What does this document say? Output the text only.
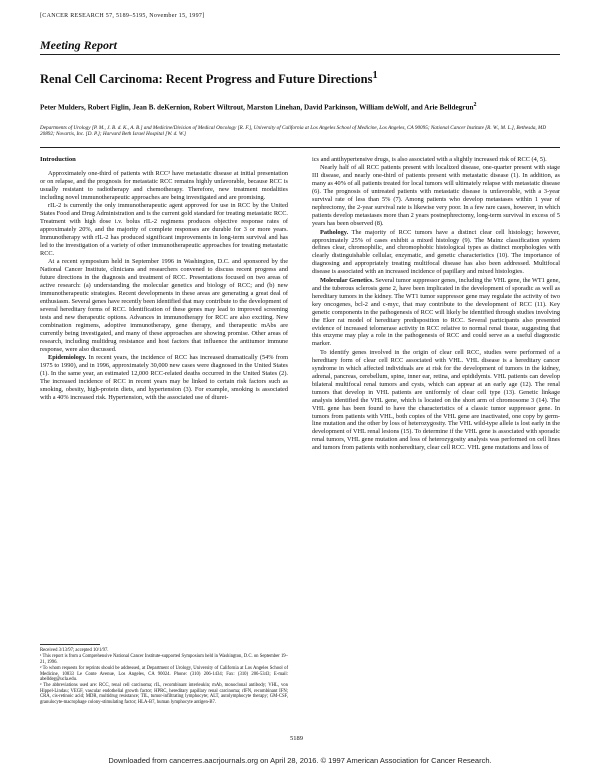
[CANCER RESEARCH 57, 5189–5195, November 15, 1997]
Meeting Report
Renal Cell Carcinoma: Recent Progress and Future Directions$^1$
Peter Mulders, Robert Figlin, Jean B. deKernion, Robert Wiltrout, Marston Linehan, David Parkinson, William deWolf, and Arie Belldegrun$^2$
Departments of Urology [P. M., J. B. d. K., A. B.] and Medicine/Division of Medical Oncology [R. F.], University of California at Los Angeles School of Medicine, Los Angeles, CA 90095; National Cancer Institute [R. W., M. L.], Bethesda, MD 20892; Novartis, Inc. [D. P.]; Harvard Beth Israel Hospital [W. d. W.]
Introduction

Approximately one-third of patients with RCC³ have metastatic disease at initial presentation or on relapse, and the prognosis for metastatic RCC remains highly unfavorable, because RCC is usually resistant to radiotherapy and chemotherapy. Therefore, new treatment modalities including novel immunotherapeutic approaches are being investigated and are promising.

rIL-2 is currently the only immunotherapeutic agent approved for use in RCC by the United States Food and Drug Administration and is the current gold standard for treating metastatic RCC. Treatment with high dose i.v. bolus rIL-2 regimens produces objective response rates of approximately 20%, and the majority of complete responses are durable for 3 or more years. Immunotherapy with rIL-2 has produced significant improvements in long-term survival and has led to the investigation of a variety of other immunotherapeutic approaches for treating metastatic RCC.

At a recent symposium held in September 1996 in Washington, D.C. and sponsored by the National Cancer Institute, clinicians and researchers convened to discuss recent progress and future directions in the diagnosis and treatment of RCC. Presentations focused on two areas of active research: (a) understanding the molecular genetics and biology of RCC; and (b) new immunotherapeutic strategies. Recent developments in these areas are generating a great deal of enthusiasm. Several genes have recently been identified that may contribute to the development of several hereditary forms of RCC. Identification of these genes may lead to improved screening tests and new therapeutic options. Advances in immunotherapy for RCC are also exciting. New combination regimens, adoptive immunotherapy, gene therapy, and therapeutic mAbs are currently being investigated, and many of these approaches are showing promise. Other areas of research, including multidrug resistance and host factors that influence the antitumor immune response, were also discussed.

Epidemiology. In recent years, the incidence of RCC has increased dramatically (54% from 1975 to 1990), and in 1996, approximately 30,000 new cases were diagnosed in the United States (1). In the same year, an estimated 12,000 RCC-related deaths occurred in the United States (2). The increased incidence of RCC in recent years may be linked to certain risk factors such as smoking, obesity, high-protein diets, and hypertension (3). For example, smoking is associated with a 40% increased risk. Hypertension, with the associated use of diuret-

ics and antihypertensive drugs, is also associated with a slightly increased risk of RCC (4, 5).

Nearly half of all RCC patients present with localized disease, one-quarter present with stage III disease, and nearly one-third of patients present with metastatic disease (1). In addition, as many as 40% of all patients treated for local tumors will ultimately relapse with metastatic disease (6). The prognosis of untreated patients with metastatic disease is unfavorable, with a 3-year survival rate of less than 5% (7). Among patients who develop metastases within 1 year of nephrectomy, the 2-year survival rate is likewise very poor. In a few rare cases, however, in which patients develop metastases more than 2 years postnephrectomy, long-term survival in excess of 5 years has been observed (8).

Pathology. The majority of RCC tumors have a distinct clear cell histology; however, approximately 25% of cases exhibit a mixed histology (9). The Mainz classification system defines clear, chromophilic, and chromophobic histological types as distinct morphologies with clearly distinguishable cellular, enzymatic, and genetic characteristics (10). The importance of diagnosing and appropriately treating multifocal disease has also been addressed. Multifocal disease is associated with an increased incidence of papillary and mixed histologies.

Molecular Genetics. Several tumor suppressor genes, including the VHL gene, the WT1 gene, and the tuberous sclerosis gene 2, have been implicated in the development of sporadic as well as hereditary tumors in the kidney. The WT1 tumor suppressor gene may regulate the activity of two key oncogenes, bcl-2 and c-myc, that may contribute to the development of RCC (11). Key genetic components in the pathogenesis of RCC will likely be identified through studies involving the Eker rat model of hereditary predisposition to RCC. Several participants also presented evidence of increased telomerase activity in RCC relative to normal renal tissue, suggesting that this enzyme may play a role in the pathogenesis of RCC and could serve as a useful diagnostic marker.

To identify genes involved in the origin of clear cell RCC, studies were performed of a hereditary form of clear cell RCC associated with VHL. VHL disease is a hereditary cancer syndrome in which affected individuals are at risk for the development of tumors in the kidney, adrenal, pancreas, cerebellum, spine, inner ear, retina, and epididymis. VHL patients can develop bilateral multifocal renal tumors and cysts, which can appear at an early age (12). The renal tumors that develop in VHL patients are uniformly of clear cell type (13). Genetic linkage analysis identified the VHL gene, which is located on the short arm of chromosome 3 (14). The VHL gene has been found to have the characteristics of a classic tumor suppressor gene. In tumors from patients with VHL, both copies of the VHL gene are inactivated, one copy by germ-line mutation and the other by loss of heterozygosity. The VHL wild-type allele is lost early in the development of VHL renal lesions (15). To determine if the VHL gene is associated with sporadic renal tumors, VHL gene mutation and loss of heterozygosity analysis was performed on cell lines and tumors from patients with nonhereditary, clear cell RCC. VHL gene mutations and loss of

Received 3/13/97; accepted 10/1/97.
¹ This report is from a Comprehensive National Cancer Institute-supported Symposium held in Washington, D.C. on September 19–21, 1996.
² To whom requests for reprints should be addressed, at Department of Urology, University of California at Los Angeles School of Medicine, 10833 Le Conte Avenue, Los Angeles, CA 90024. Phone: (310) 206-1434; Fax: (310) 206-5343; E-mail: abelldeg@ucla.edu.
³ The abbreviations used are: RCC, renal cell carcinoma; rIL, recombinant interleukin; mAb, monoclonal antibody; VHL, von Hippel-Lindau; VEGF, vascular endothelial growth factor; HPRC, hereditary papillary renal carcinoma; rIFN, recombinant IFN; CRA, cis-retinoic acid; MDR, multidrug resistance; TIL, tumor-infiltrating lymphocyte; ALT, autolymphocyte therapy; GM-CSF, granulocyte-macrophage colony-stimulating factor; HLA-B7, human lymphocyte antigen-B7.
5189
Downloaded from cancerres.aacrjournals.org on April 28, 2016. © 1997 American Association for Cancer Research.
